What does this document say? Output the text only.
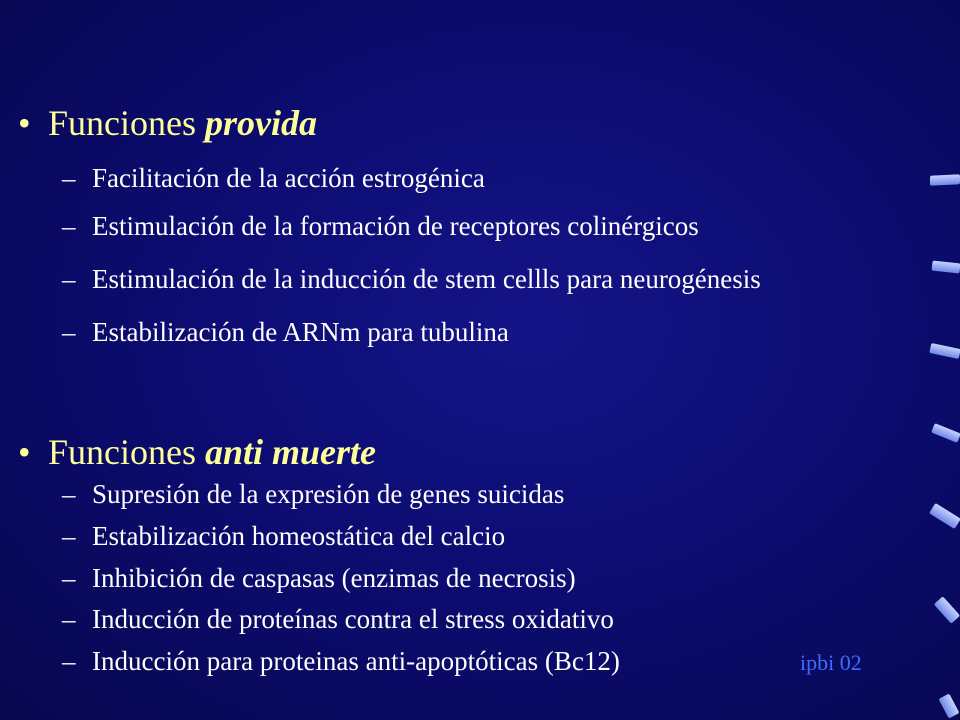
• Funciones provida
– Facilitación de la acción estrogénica
– Estimulación de la formación de receptores colinérgicos
– Estimulación de la inducción de stem cellls para neurogénesis
– Estabilización de ARNm para tubulina
• Funciones anti muerte
– Supresión de la expresión de genes suicidas
– Estabilización homeostática del calcio
– Inhibición de caspasas (enzimas de necrosis)
– Inducción de proteínas contra el stress oxidativo
– Inducción para proteinas anti-apoptóticas (Bc12)	ipbi 02
